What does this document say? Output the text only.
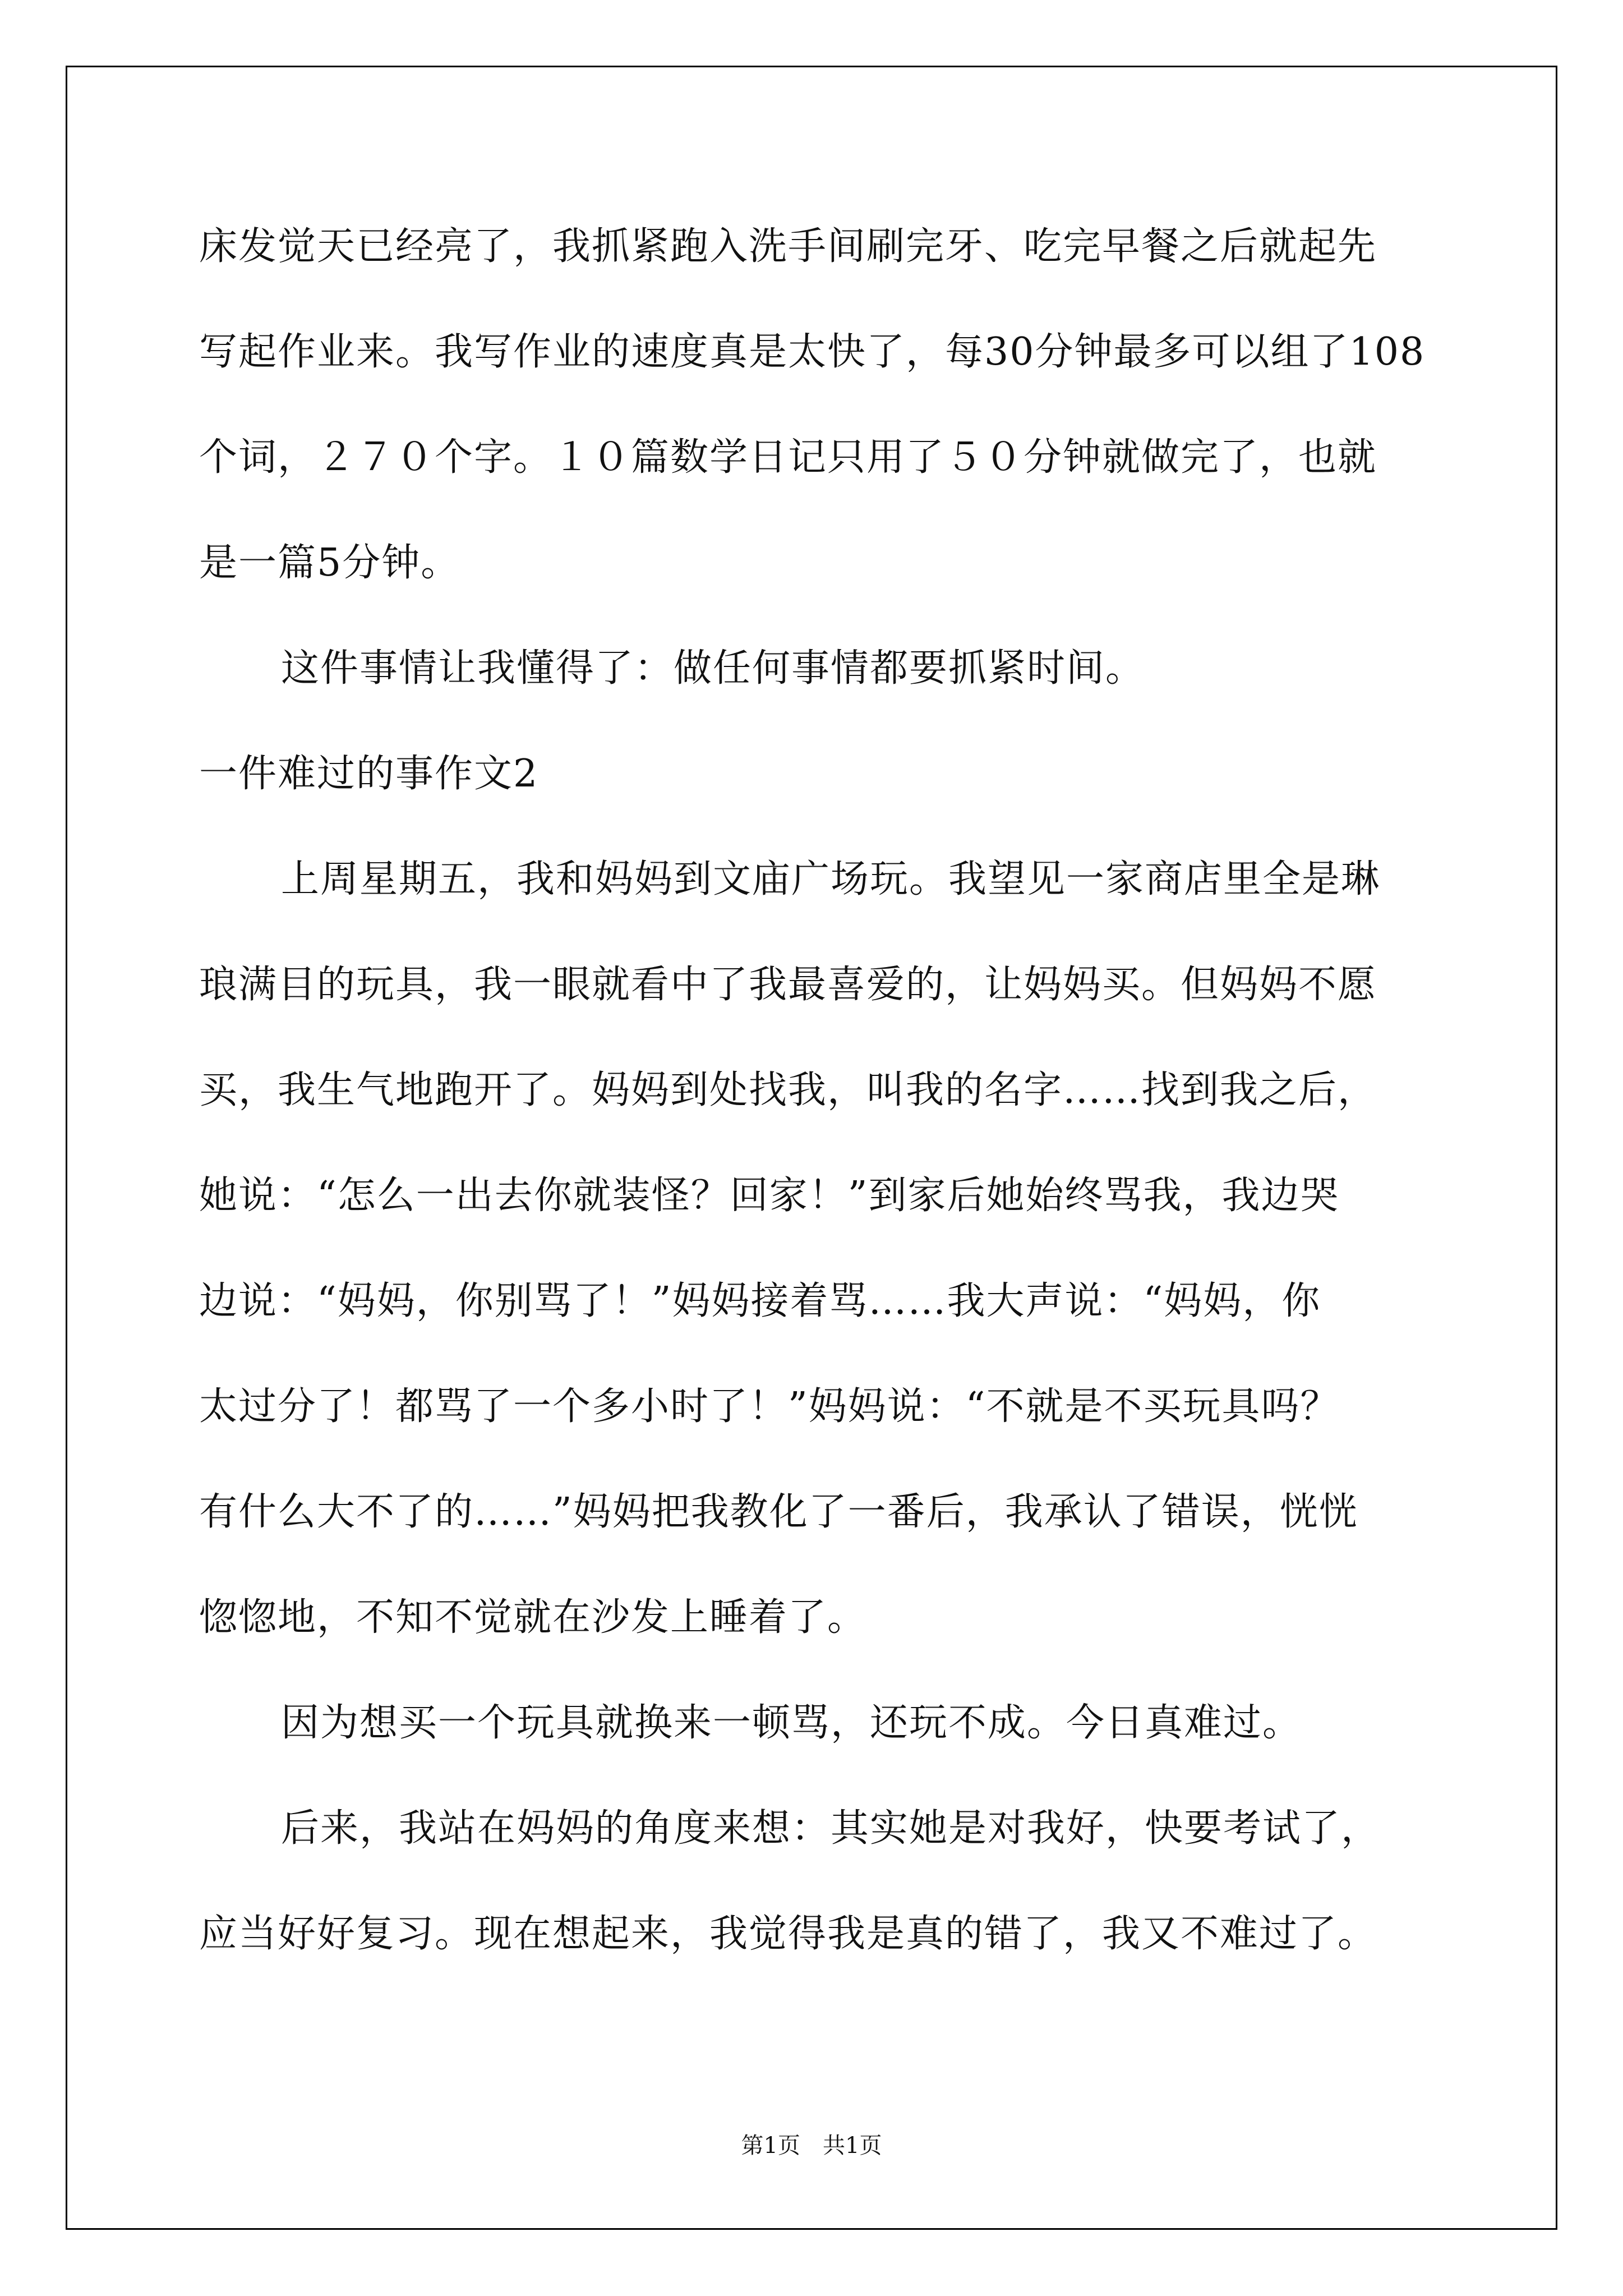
床发觉天已经亮了，我抓紧跑入洗手间刷完牙、吃完早餐之后就起先
写起作业来。我写作业的速度真是太快了，每30分钟最多可以组了108
个词，２７０个字。１０篇数学日记只用了５０分钟就做完了，也就
是一篇5分钟。
这件事情让我懂得了：做任何事情都要抓紧时间。
一件难过的事作文2
上周星期五，我和妈妈到文庙广场玩。我望见一家商店里全是琳
琅满目的玩具，我一眼就看中了我最喜爱的，让妈妈买。但妈妈不愿
买，我生气地跑开了。妈妈到处找我，叫我的名字……找到我之后，
她说：“怎么一出去你就装怪？回家！”到家后她始终骂我，我边哭
边说：“妈妈，你别骂了！”妈妈接着骂……我大声说：“妈妈，你
太过分了！都骂了一个多小时了！”妈妈说：“不就是不买玩具吗？
有什么大不了的……”妈妈把我教化了一番后，我承认了错误，恍恍
惚惚地，不知不觉就在沙发上睡着了。
因为想买一个玩具就换来一顿骂，还玩不成。今日真难过。
后来，我站在妈妈的角度来想：其实她是对我好，快要考试了，
应当好好复习。现在想起来，我觉得我是真的错了，我又不难过了。
第1页　共1页
